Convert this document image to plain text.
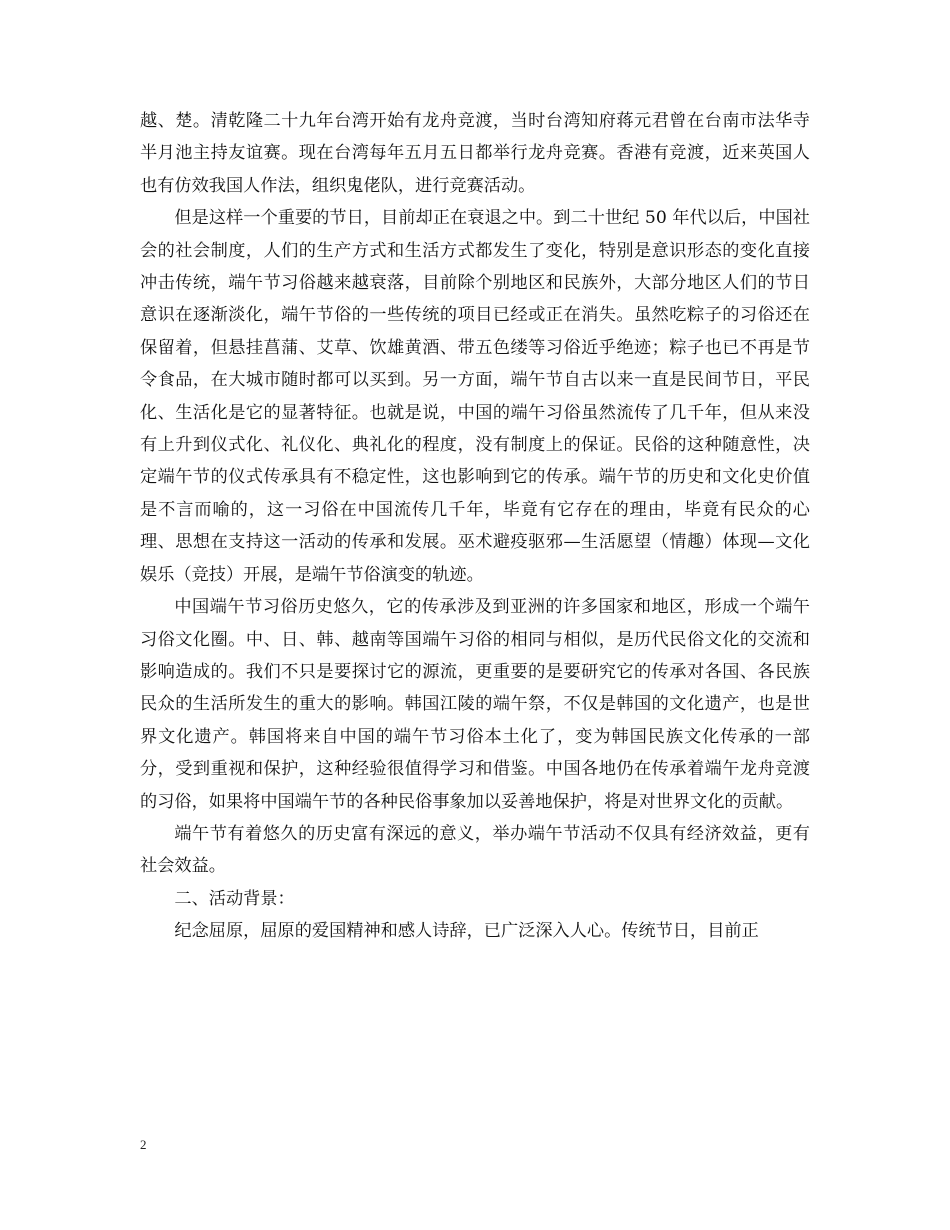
越、楚。清乾隆二十九年台湾开始有龙舟竞渡，当时台湾知府蒋元君曾在台南市法华寺半月池主持友谊赛。现在台湾每年五月五日都举行龙舟竞赛。香港有竞渡，近来英国人也有仿效我国人作法，组织鬼佬队，进行竞赛活动。

但是这样一个重要的节日，目前却正在衰退之中。到二十世纪 50 年代以后，中国社会的社会制度，人们的生产方式和生活方式都发生了变化，特别是意识形态的变化直接冲击传统，端午节习俗越来越衰落，目前除个别地区和民族外，大部分地区人们的节日意识在逐渐淡化，端午节俗的一些传统的项目已经或正在消失。虽然吃粽子的习俗还在保留着，但悬挂菖蒲、艾草、饮雄黄酒、带五色缕等习俗近乎绝迹；粽子也已不再是节令食品，在大城市随时都可以买到。另一方面，端午节自古以来一直是民间节日，平民化、生活化是它的显著特征。也就是说，中国的端午习俗虽然流传了几千年，但从来没有上升到仪式化、礼仪化、典礼化的程度，没有制度上的保证。民俗的这种随意性，决定端午节的仪式传承具有不稳定性，这也影响到它的传承。端午节的历史和文化史价值是不言而喻的，这一习俗在中国流传几千年，毕竟有它存在的理由，毕竟有民众的心理、思想在支持这一活动的传承和发展。巫术避疫驱邪—生活愿望（情趣）体现—文化娱乐（竞技）开展，是端午节俗演变的轨迹。

中国端午节习俗历史悠久，它的传承涉及到亚洲的许多国家和地区，形成一个端午习俗文化圈。中、日、韩、越南等国端午习俗的相同与相似，是历代民俗文化的交流和影响造成的。我们不只是要探讨它的源流，更重要的是要研究它的传承对各国、各民族民众的生活所发生的重大的影响。韩国江陵的端午祭，不仅是韩国的文化遗产，也是世界文化遗产。韩国将来自中国的端午节习俗本土化了，变为韩国民族文化传承的一部分，受到重视和保护，这种经验很值得学习和借鉴。中国各地仍在传承着端午龙舟竞渡的习俗，如果将中国端午节的各种民俗事象加以妥善地保护，将是对世界文化的贡献。

端午节有着悠久的历史富有深远的意义，举办端午节活动不仅具有经济效益，更有社会效益。

二、活动背景：

纪念屈原，屈原的爱国精神和感人诗辞，已广泛深入人心。传统节日，目前正

2
